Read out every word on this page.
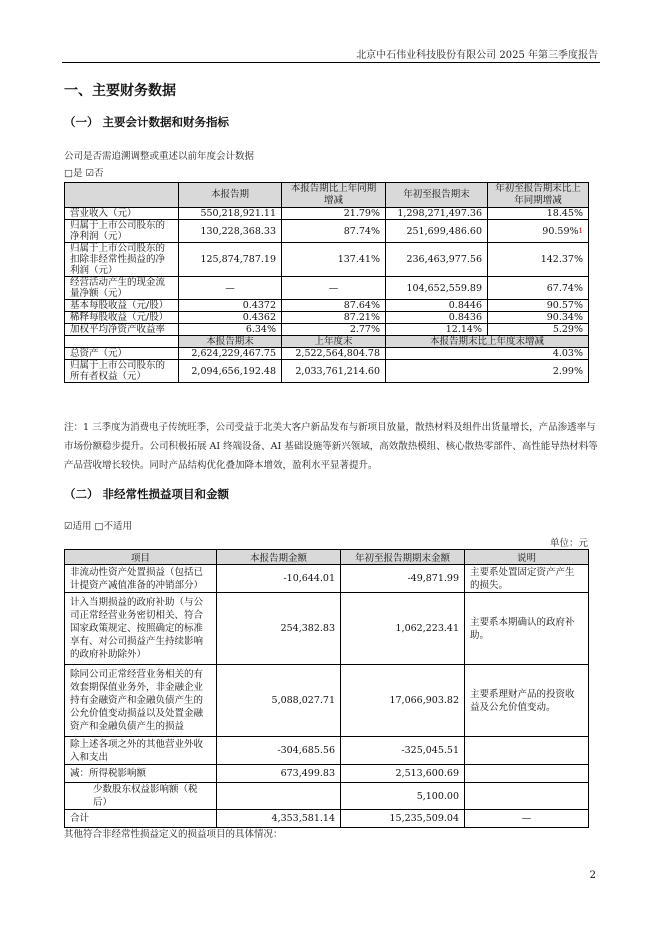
北京中石伟业科技股份有限公司 2025 年第三季度报告
一、主要财务数据
（一） 主要会计数据和财务指标
公司是否需追溯调整或重述以前年度会计数据
□是 ☑否
	本报告期	本报告期比上年同期增减	年初至报告期末	年初至报告期末比上年同期增减
营业收入（元）	550,218,921.11	21.79%	1,298,271,497.36	18.45%
归属于上市公司股东的净利润（元）	130,228,368.33	87.74%	251,699,486.60	90.59%$^1$
归属于上市公司股东的扣除非经常性损益的净利润（元）	125,874,787.19	137.41%	236,463,977.56	142.37%
经营活动产生的现金流量净额（元）	—	—	104,652,559.89	67.74%
基本每股收益（元/股）	0.4372	87.64%	0.8446	90.57%
稀释每股收益（元/股）	0.4362	87.21%	0.8436	90.34%
加权平均净资产收益率	6.34%	2.77%	12.14%	5.29%
	本报告期末	上年度末	本报告期末比上年度末增减	
总资产（元）	2,624,229,467.75	2,522,564,804.78	4.03%	
归属于上市公司股东的所有者权益（元）	2,094,656,192.48	2,033,761,214.60	2.99%	
注：1 三季度为消费电子传统旺季，公司受益于北美大客户新品发布与新项目放量，散热材料及组件出货量增长，产品渗透率与市场份额稳步提升。公司积极拓展 AI 终端设备、AI 基础设施等新兴领域，高效散热模组、核心散热零部件、高性能导热材料等产品营收增长较快。同时产品结构优化叠加降本增效，盈利水平显著提升。
（二） 非经常性损益项目和金额
☑适用 □不适用
单位：元
项目	本报告期金额	年初至报告期期末金额	说明
非流动性资产处置损益（包括已计提资产减值准备的冲销部分）	-10,644.01	-49,871.99	主要系处置固定资产产生的损失。
计入当期损益的政府补助（与公司正常经营业务密切相关、符合国家政策规定、按照确定的标准享有、对公司损益产生持续影响的政府补助除外）	254,382.83	1,062,223.41	主要系本期确认的政府补助。
除同公司正常经营业务相关的有效套期保值业务外，非金融企业持有金融资产和金融负债产生的公允价值变动损益以及处置金融资产和金融负债产生的损益	5,088,027.71	17,066,903.82	主要系理财产品的投资收益及公允价值变动。
除上述各项之外的其他营业外收入和支出	-304,685.56	-325,045.51	
减：所得税影响额	673,499.83	2,513,600.69	
少数股东权益影响额（税后）		5,100.00	
合计	4,353,581.14	15,235,509.04	—
其他符合非经常性损益定义的损益项目的具体情况：
2
